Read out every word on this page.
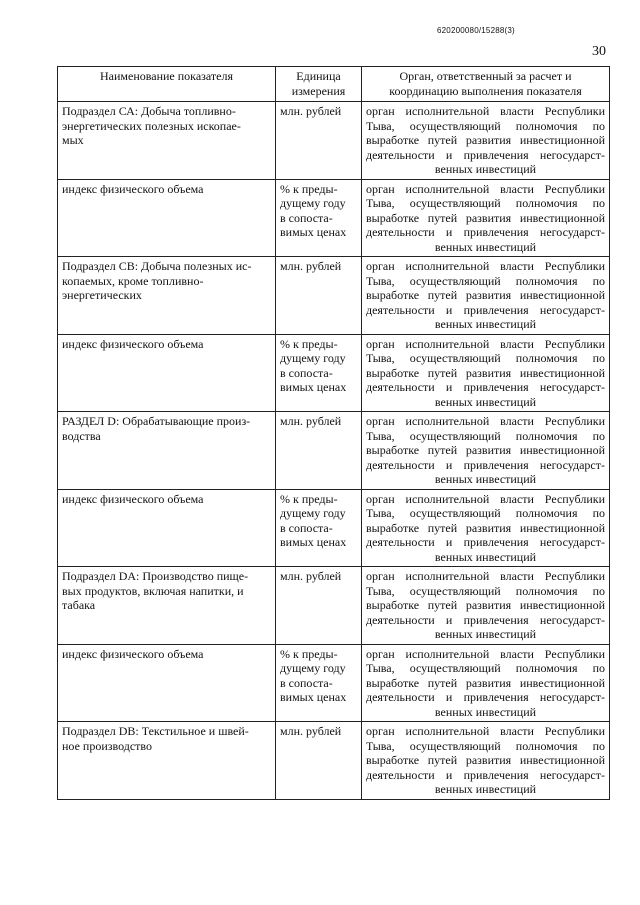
620200080/15288(3)
30
Наименование показателя	Единица
измерения	Орган, ответственный за расчет и
координацию выполнения показателя
Подраздел СА: Добыча топливно-
энергетических полезных ископае-
мых	млн. рублей	орган исполнительной власти Республики Тыва, осуществляющий полномочия по выработке путей развития инвестиционной деятельности и привлечения негосударст-венных инвестиций
индекс физического объема	% к преды-
дущему году
в сопоста-
вимых ценах	орган исполнительной власти Республики Тыва, осуществляющий полномочия по выработке путей развития инвестиционной деятельности и привлечения негосударст-венных инвестиций
Подраздел СВ: Добыча полезных ис-
копаемых, кроме топливно-
энергетических	млн. рублей	орган исполнительной власти Республики Тыва, осуществляющий полномочия по выработке путей развития инвестиционной деятельности и привлечения негосударст-венных инвестиций
индекс физического объема	% к преды-
дущему году
в сопоста-
вимых ценах	орган исполнительной власти Республики Тыва, осуществляющий полномочия по выработке путей развития инвестиционной деятельности и привлечения негосударст-венных инвестиций
РАЗДЕЛ D: Обрабатывающие произ-
водства	млн. рублей	орган исполнительной власти Республики Тыва, осуществляющий полномочия по выработке путей развития инвестиционной деятельности и привлечения негосударст-венных инвестиций
индекс физического объема	% к преды-
дущему году
в сопоста-
вимых ценах	орган исполнительной власти Республики Тыва, осуществляющий полномочия по выработке путей развития инвестиционной деятельности и привлечения негосударст-венных инвестиций
Подраздел DA: Производство пище-
вых продуктов, включая напитки, и
табака	млн. рублей	орган исполнительной власти Республики Тыва, осуществляющий полномочия по выработке путей развития инвестиционной деятельности и привлечения негосударст-венных инвестиций
индекс физического объема	% к преды-
дущему году
в сопоста-
вимых ценах	орган исполнительной власти Республики Тыва, осуществляющий полномочия по выработке путей развития инвестиционной деятельности и привлечения негосударст-венных инвестиций
Подраздел DB: Текстильное и швей-
ное производство	млн. рублей	орган исполнительной власти Республики Тыва, осуществляющий полномочия по выработке путей развития инвестиционной деятельности и привлечения негосударст-венных инвестиций
